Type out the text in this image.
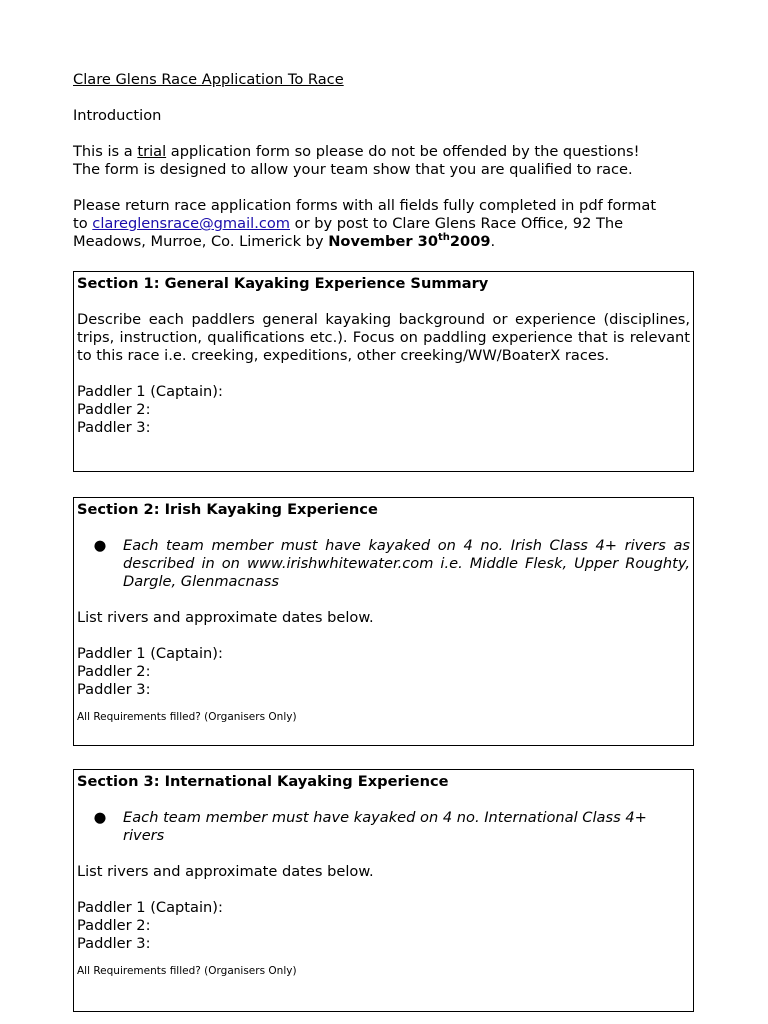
Clare Glens Race Application To Race

Introduction

This is a trial application form so please do not be offended by the questions!

The form is designed to allow your team show that you are qualified to race.

Please return race application forms with all fields fully completed in pdf format

to clareglensrace@gmail.com or by post to Clare Glens Race Office, 92 The

Meadows, Murroe, Co. Limerick by November 30th2009.

Section 1: General Kayaking Experience Summary

Describe each paddlers general kayaking background or experience (disciplines, trips, instruction, qualifications etc.). Focus on paddling experience that is relevant to this race i.e. creeking, expeditions, other creeking/WW/BoaterX races.

Paddler 1 (Captain):

Paddler 2:

Paddler 3:

Section 2: Irish Kayaking Experience
●	Each team member must have kayaked on 4 no. Irish Class 4+ rivers as described in on www.irishwhitewater.com i.e. Middle Flesk, Upper Roughty, Dargle, Glenmacnass

List rivers and approximate dates below.

Paddler 1 (Captain):

Paddler 2:

Paddler 3:

All Requirements filled? (Organisers Only)

Section 3: International Kayaking Experience
●	Each team member must have kayaked on 4 no. International Class 4+ rivers

List rivers and approximate dates below.

Paddler 1 (Captain):

Paddler 2:

Paddler 3:

All Requirements filled? (Organisers Only)
